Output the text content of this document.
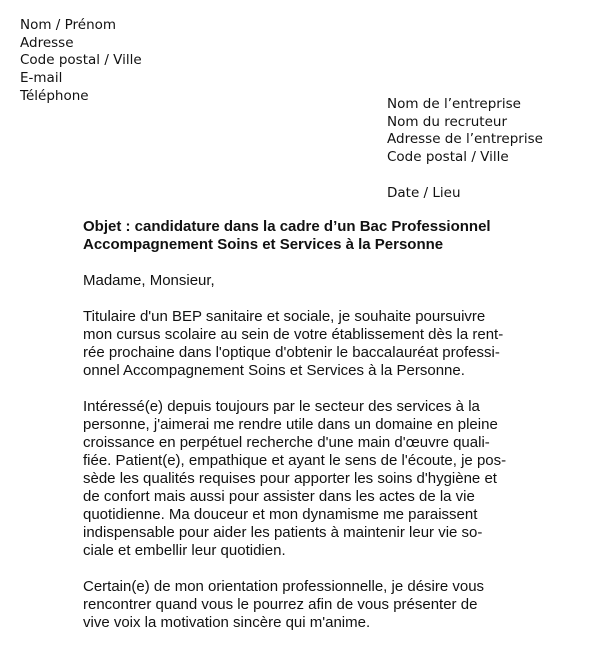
Nom / Prénom
Adresse
Code postal / Ville
E-mail
Téléphone
Nom de l’entreprise
Nom du recruteur
Adresse de l’entreprise
Code postal / Ville
Date / Lieu
Objet : candidature dans la cadre d’un Bac Professionnel
Accompagnement Soins et Services à la Personne
Madame, Monsieur,
Titulaire d'un BEP sanitaire et sociale, je souhaite poursuivre
mon cursus scolaire au sein de votre établissement dès la rent-
rée prochaine dans l'optique d'obtenir le baccalauréat professi-
onnel Accompagnement Soins et Services à la Personne.
Intéressé(e) depuis toujours par le secteur des services à la
personne, j'aimerai me rendre utile dans un domaine en pleine
croissance en perpétuel recherche d'une main d'œuvre quali-
fiée. Patient(e), empathique et ayant le sens de l'écoute, je pos-
sède les qualités requises pour apporter les soins d'hygiène et
de confort mais aussi pour assister dans les actes de la vie
quotidienne. Ma douceur et mon dynamisme me paraissent
indispensable pour aider les patients à maintenir leur vie so-
ciale et embellir leur quotidien.
Certain(e) de mon orientation professionnelle, je désire vous
rencontrer quand vous le pourrez afin de vous présenter de
vive voix la motivation sincère qui m'anime.
